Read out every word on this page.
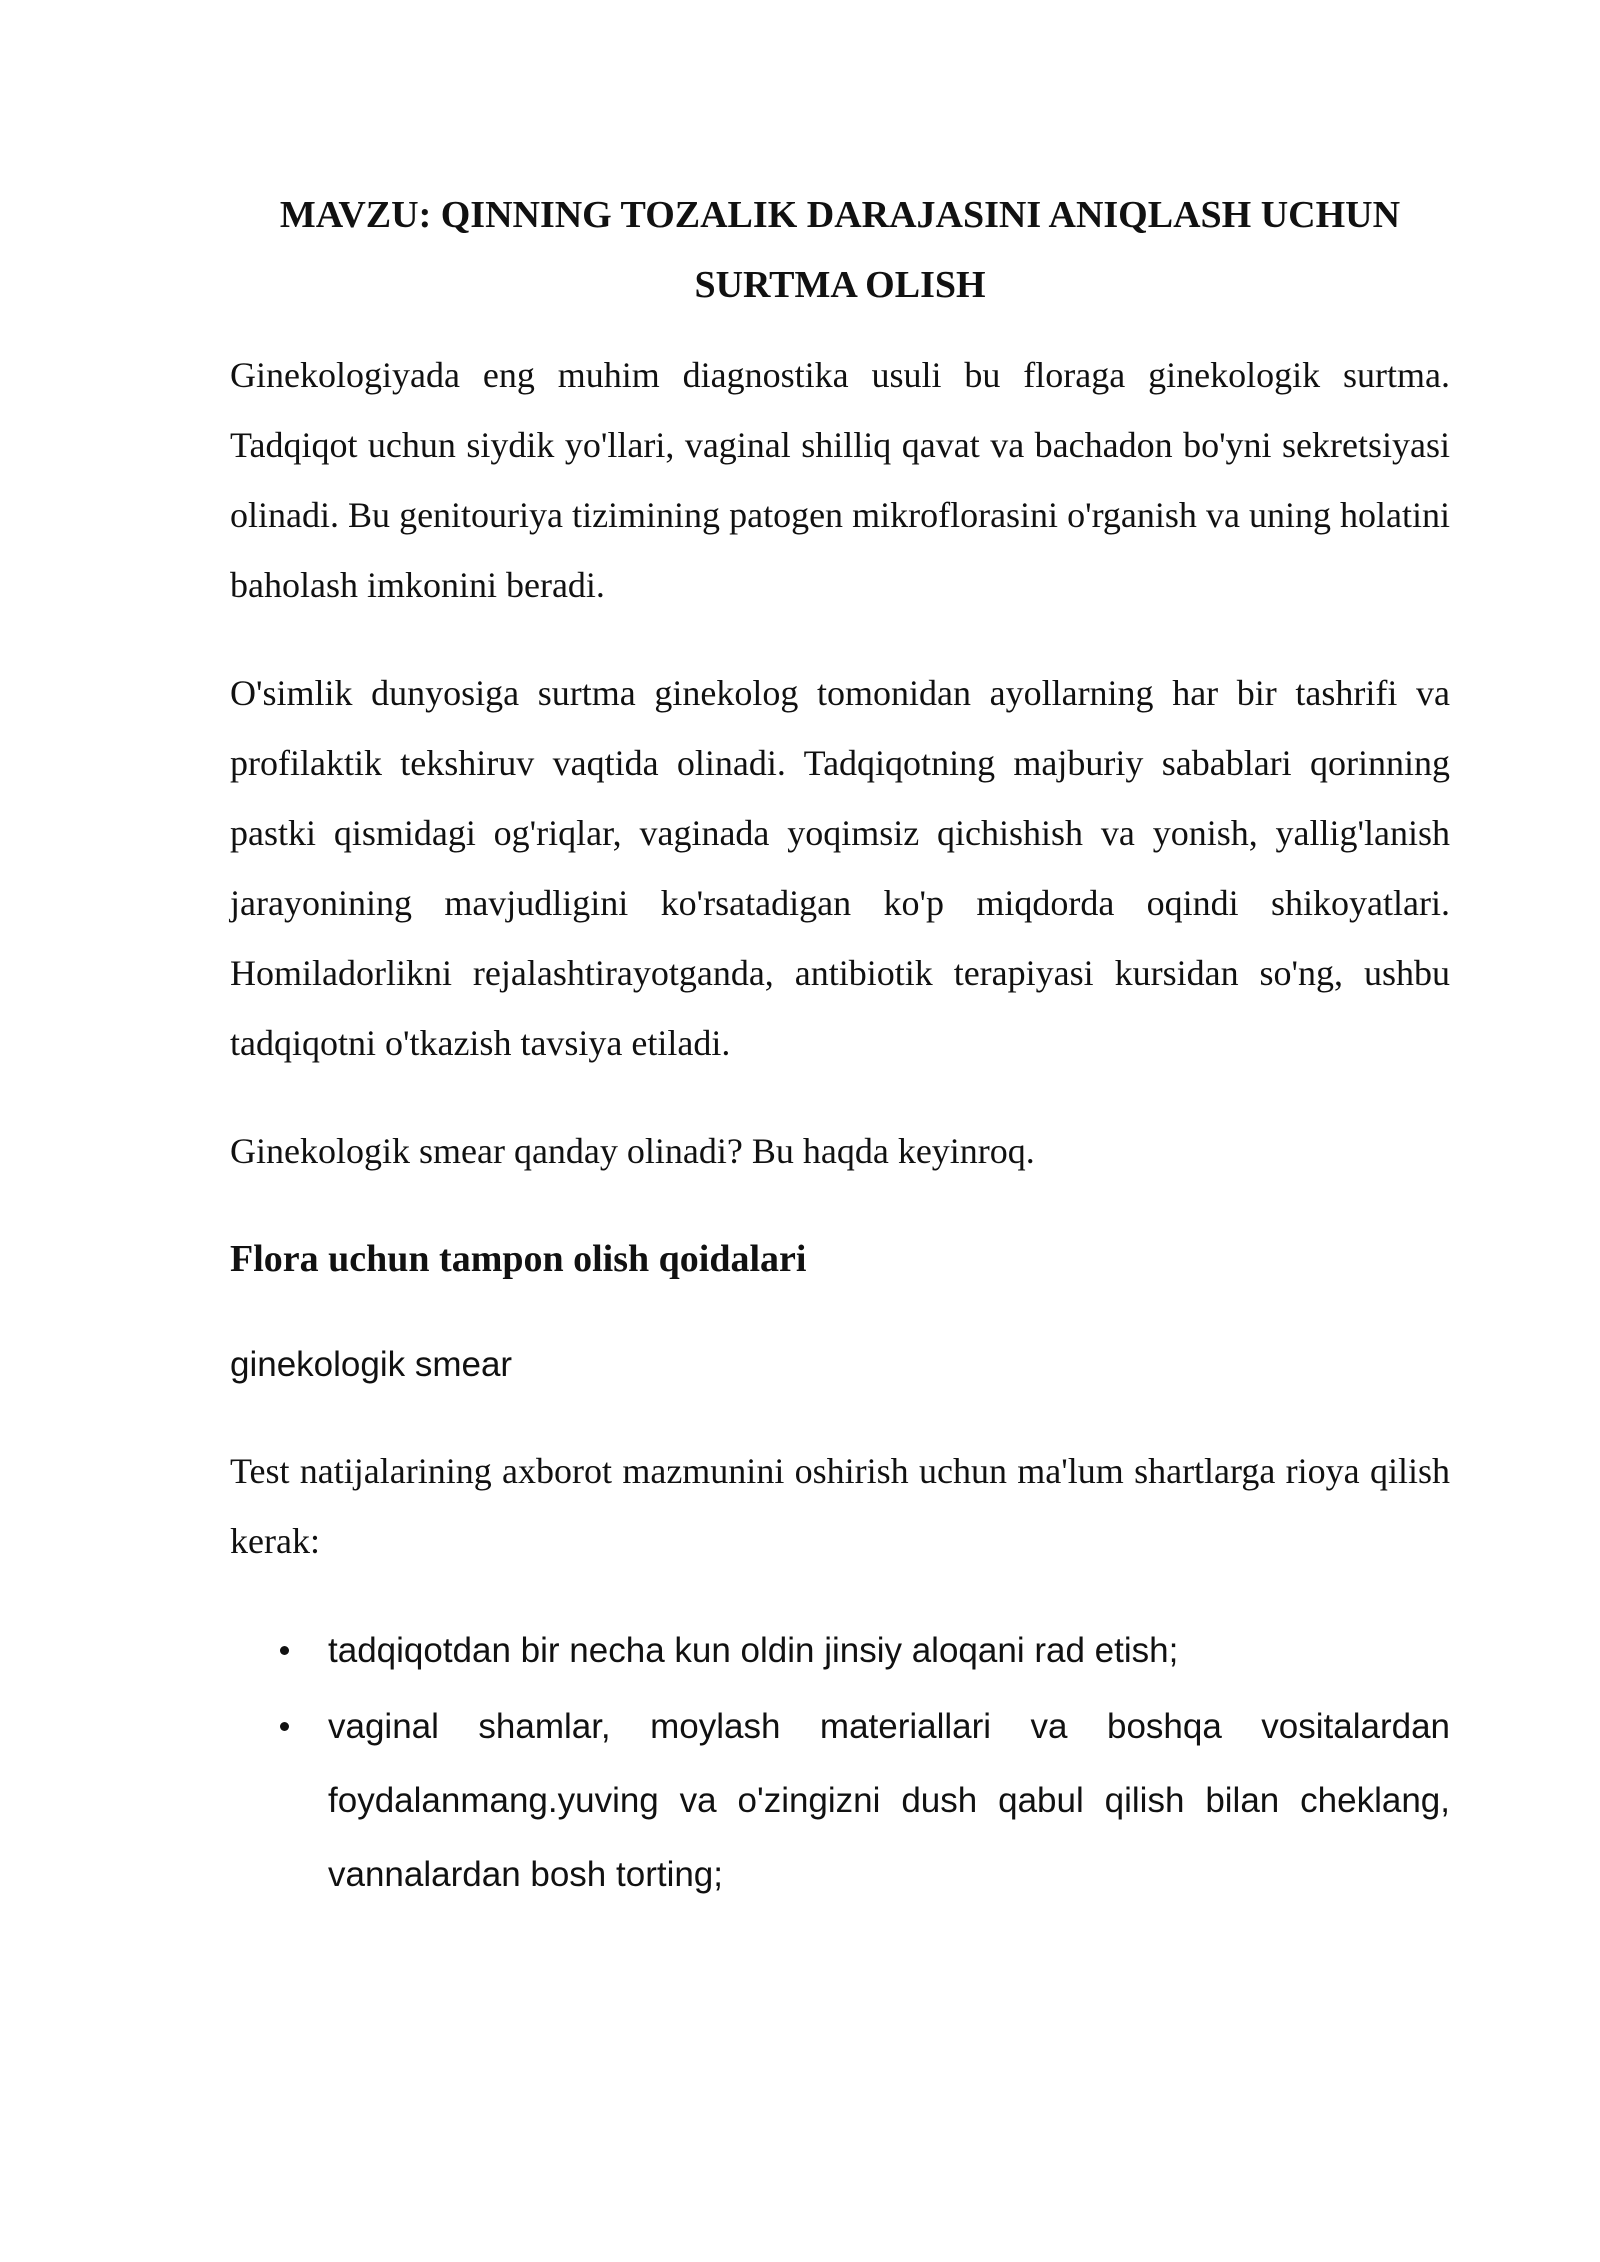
MAVZU: QINNING TOZALIK DARAJASINI ANIQLASH UCHUN
SURTMA OLISH

Ginekologiyada eng muhim diagnostika usuli bu floraga ginekologik surtma. Tadqiqot uchun siydik yo'llari, vaginal shilliq qavat va bachadon bo'yni sekretsiyasi olinadi. Bu genitouriya tizimining patogen mikroflorasini o'rganish va uning holatini baholash imkonini beradi.

O'simlik dunyosiga surtma ginekolog tomonidan ayollarning har bir tashrifi va profilaktik tekshiruv vaqtida olinadi. Tadqiqotning majburiy sabablari qorinning pastki qismidagi og'riqlar, vaginada yoqimsiz qichishish va yonish, yallig'lanish jarayonining mavjudligini ko'rsatadigan ko'p miqdorda oqindi shikoyatlari. Homiladorlikni rejalashtirayotganda, antibiotik terapiyasi kursidan so'ng, ushbu tadqiqotni o'tkazish tavsiya etiladi.

Ginekologik smear qanday olinadi? Bu haqda keyinroq.

Flora uchun tampon olish qoidalari
ginekologik smear

Test natijalarining axborot mazmunini oshirish uchun ma'lum shartlarga rioya qilish kerak:

tadqiqotdan bir necha kun oldin jinsiy aloqani rad etish;
vaginal shamlar, moylash materiallari va boshqa vositalardan foydalanmang.yuving va o'zingizni dush qabul qilish bilan cheklang, vannalardan bosh torting;
